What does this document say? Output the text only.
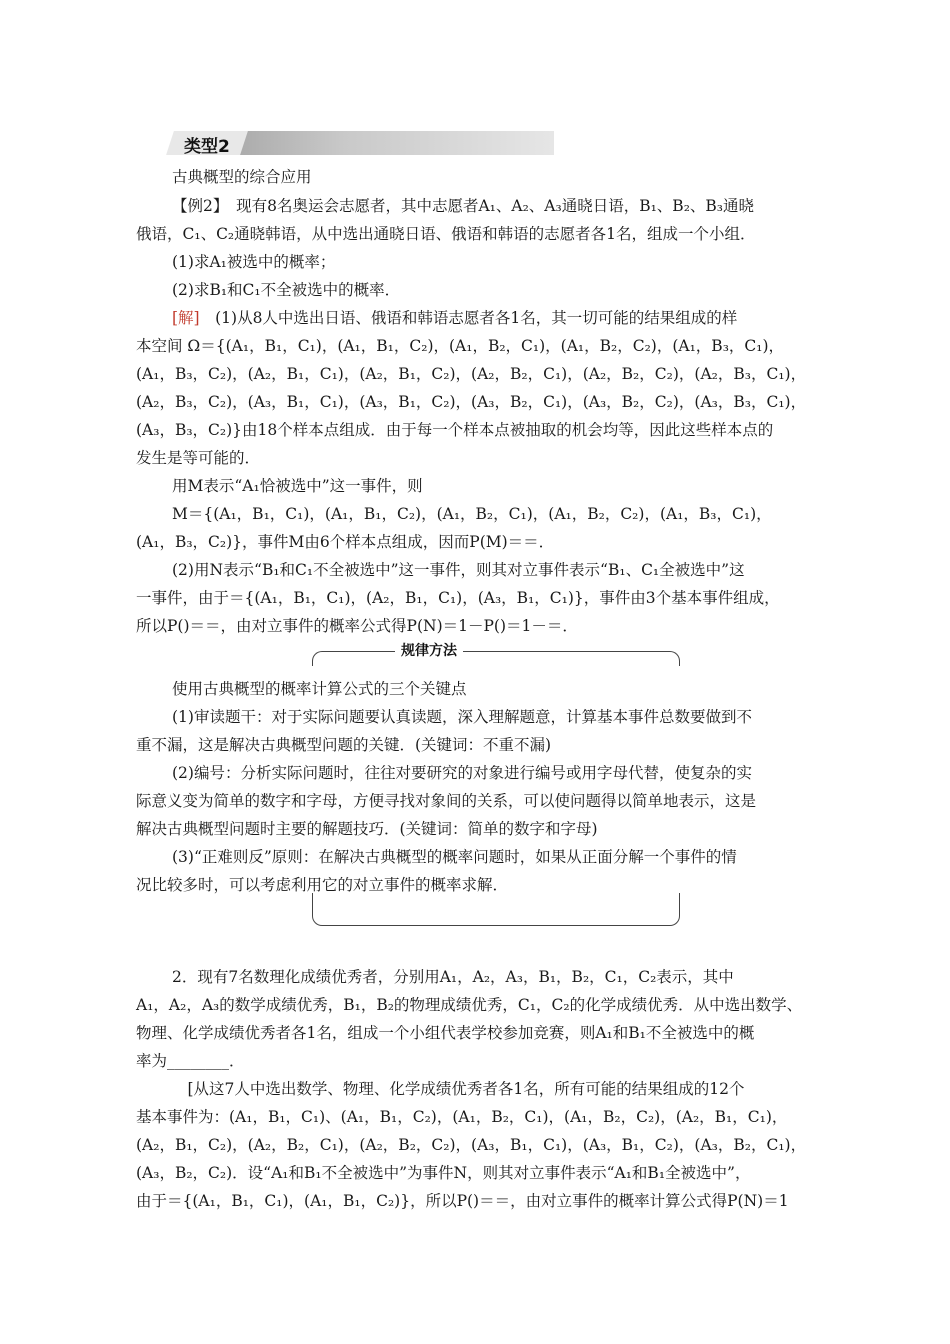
类型2
古典概型的综合应用
【例2】　现有8名奥运会志愿者，其中志愿者A₁、A₂、A₃通晓日语，B₁、B₂、B₃通晓
俄语，C₁、C₂通晓韩语，从中选出通晓日语、俄语和韩语的志愿者各1名，组成一个小组．
(1)求A₁被选中的概率；
(2)求B₁和C₁不全被选中的概率．
[解]　(1)从8人中选出日语、俄语和韩语志愿者各1名，其一切可能的结果组成的样
本空间 Ω＝{(A₁，B₁，C₁)，(A₁，B₁，C₂)，(A₁，B₂，C₁)，(A₁，B₂，C₂)，(A₁，B₃，C₁)，
(A₁，B₃，C₂)，(A₂，B₁，C₁)，(A₂，B₁，C₂)，(A₂，B₂，C₁)，(A₂，B₂，C₂)，(A₂，B₃，C₁)，
(A₂，B₃，C₂)，(A₃，B₁，C₁)，(A₃，B₁，C₂)，(A₃，B₂，C₁)，(A₃，B₂，C₂)，(A₃，B₃，C₁)，
(A₃，B₃，C₂)}由18个样本点组成．由于每一个样本点被抽取的机会均等，因此这些样本点的
发生是等可能的．
用M表示“A₁恰被选中”这一事件，则
M＝{(A₁，B₁，C₁)，(A₁，B₁，C₂)，(A₁，B₂，C₁)，(A₁，B₂，C₂)，(A₁，B₃，C₁)，
(A₁，B₃，C₂)}，事件M由6个样本点组成，因而P(M)＝＝．
(2)用N表示“B₁和C₁不全被选中”这一事件，则其对立事件表示“B₁、C₁全被选中”这
一事件，由于＝{(A₁，B₁，C₁)，(A₂，B₁，C₁)，(A₃，B₁，C₁)}，事件由3个基本事件组成，
所以P()＝＝，由对立事件的概率公式得P(N)＝1－P()＝1－＝．
规律方法
使用古典概型的概率计算公式的三个关键点
(1)审读题干：对于实际问题要认真读题，深入理解题意，计算基本事件总数要做到不
重不漏，这是解决古典概型问题的关键．(关键词：不重不漏)
(2)编号：分析实际问题时，往往对要研究的对象进行编号或用字母代替，使复杂的实
际意义变为简单的数字和字母，方便寻找对象间的关系，可以使问题得以简单地表示，这是
解决古典概型问题时主要的解题技巧．(关键词：简单的数字和字母)
(3)“正难则反”原则：在解决古典概型的概率问题时，如果从正面分解一个事件的情
况比较多时，可以考虑利用它的对立事件的概率求解．
2．现有7名数理化成绩优秀者，分别用A₁，A₂，A₃，B₁，B₂，C₁，C₂表示，其中
A₁，A₂，A₃的数学成绩优秀，B₁，B₂的物理成绩优秀，C₁，C₂的化学成绩优秀．从中选出数学、
物理、化学成绩优秀者各1名，组成一个小组代表学校参加竞赛，则A₁和B₁不全被选中的概
率为________．
　[从这7人中选出数学、物理、化学成绩优秀者各1名，所有可能的结果组成的12个
基本事件为：(A₁，B₁，C₁)、(A₁，B₁，C₂)，(A₁，B₂，C₁)，(A₁，B₂，C₂)，(A₂，B₁，C₁)，
(A₂，B₁，C₂)，(A₂，B₂，C₁)，(A₂，B₂，C₂)，(A₃，B₁，C₁)，(A₃，B₁，C₂)，(A₃，B₂，C₁)，
(A₃，B₂，C₂)．设“A₁和B₁不全被选中”为事件N，则其对立事件表示“A₁和B₁全被选中”，
由于＝{(A₁，B₁，C₁)，(A₁，B₁，C₂)}，所以P()＝＝，由对立事件的概率计算公式得P(N)＝1
